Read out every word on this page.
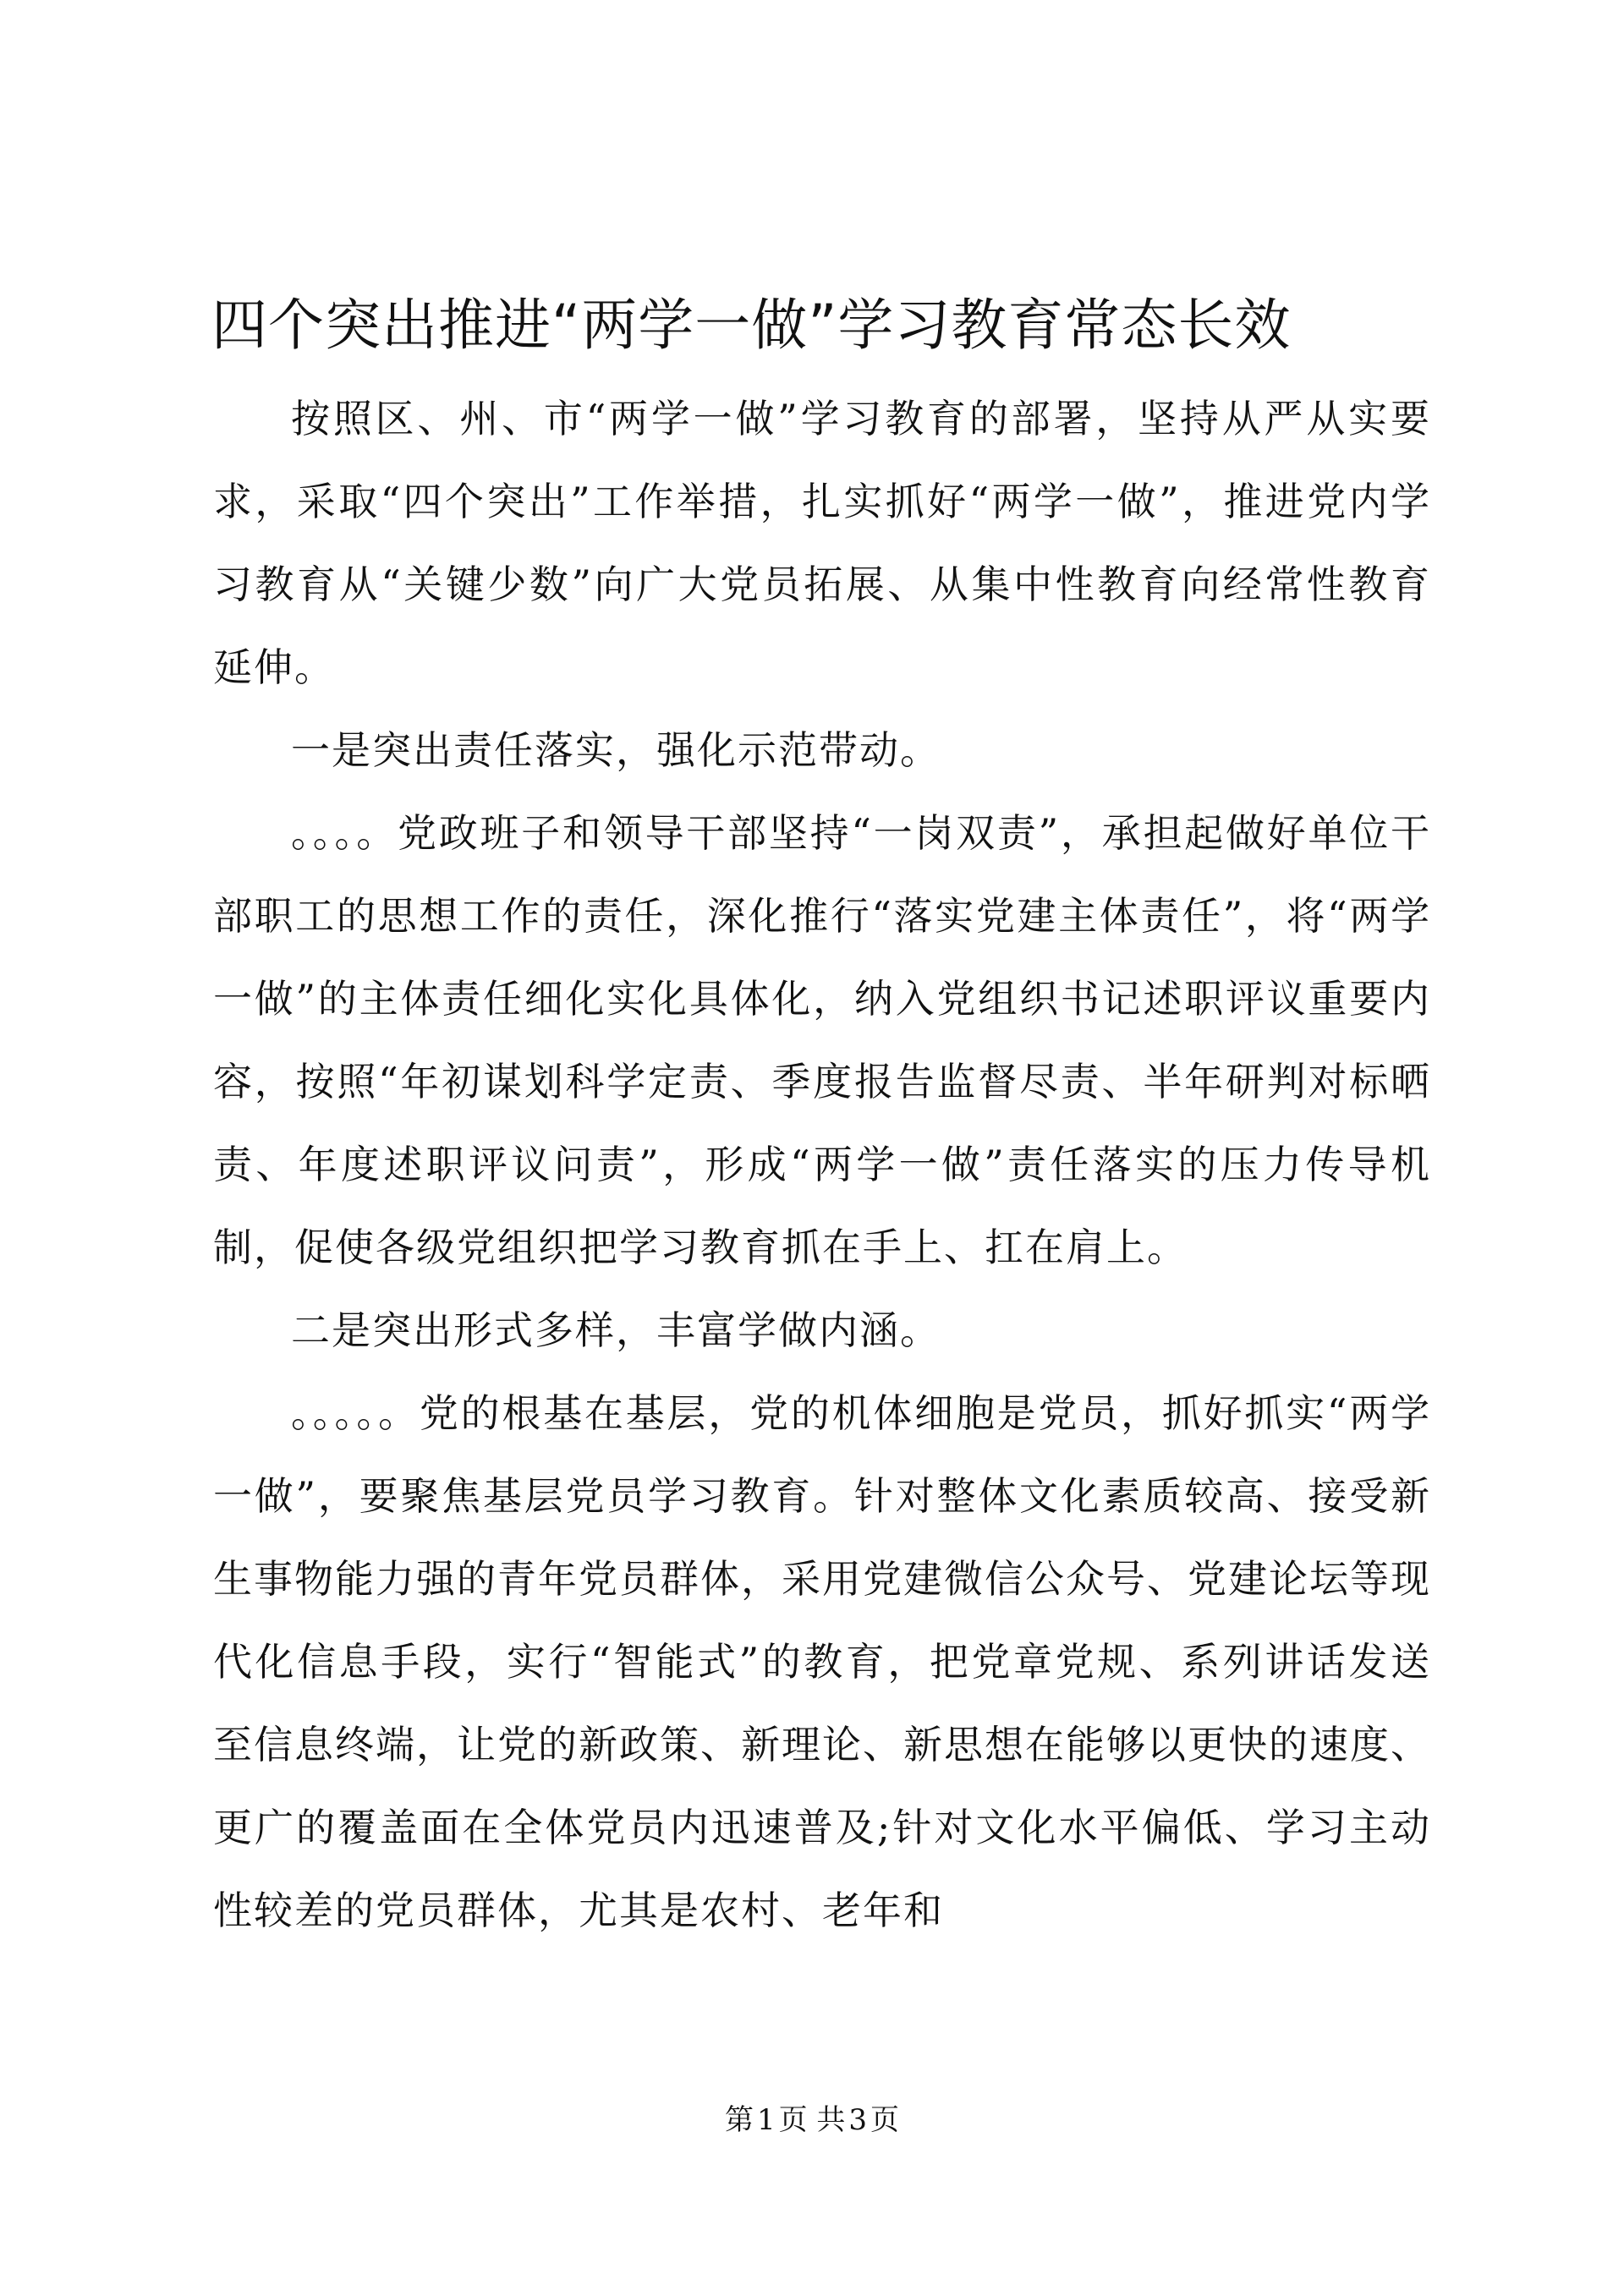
四个突出推进“两学一做”学习教育常态长效

按照区、州、市“两学一做”学习教育的部署，坚持从严从实要求，采取“四个突出”工作举措，扎实抓好“两学一做”，推进党内学习教育从“关键少数”向广大党员拓展、从集中性教育向经常性教育延伸。

一是突出责任落实，强化示范带动。

。。。。党政班子和领导干部坚持“一岗双责”，承担起做好单位干部职工的思想工作的责任，深化推行“落实党建主体责任”，将“两学一做”的主体责任细化实化具体化，纳入党组织书记述职评议重要内容，按照“年初谋划科学定责、季度报告监督尽责、半年研判对标晒责、年度述职评议问责”，形成“两学一做”责任落实的压力传导机制，促使各级党组织把学习教育抓在手上、扛在肩上。

二是突出形式多样，丰富学做内涵。

。。。。。党的根基在基层，党的机体细胞是党员，抓好抓实“两学一做”，要聚焦基层党员学习教育。针对整体文化素质较高、接受新生事物能力强的青年党员群体，采用党建微信公众号、党建论坛等现代化信息手段，实行“智能式”的教育，把党章党规、系列讲话发送至信息终端，让党的新政策、新理论、新思想在能够以更快的速度、更广的覆盖面在全体党员内迅速普及;针对文化水平偏低、学习主动性较差的党员群体，尤其是农村、老年和

第 1 页 共 3 页
